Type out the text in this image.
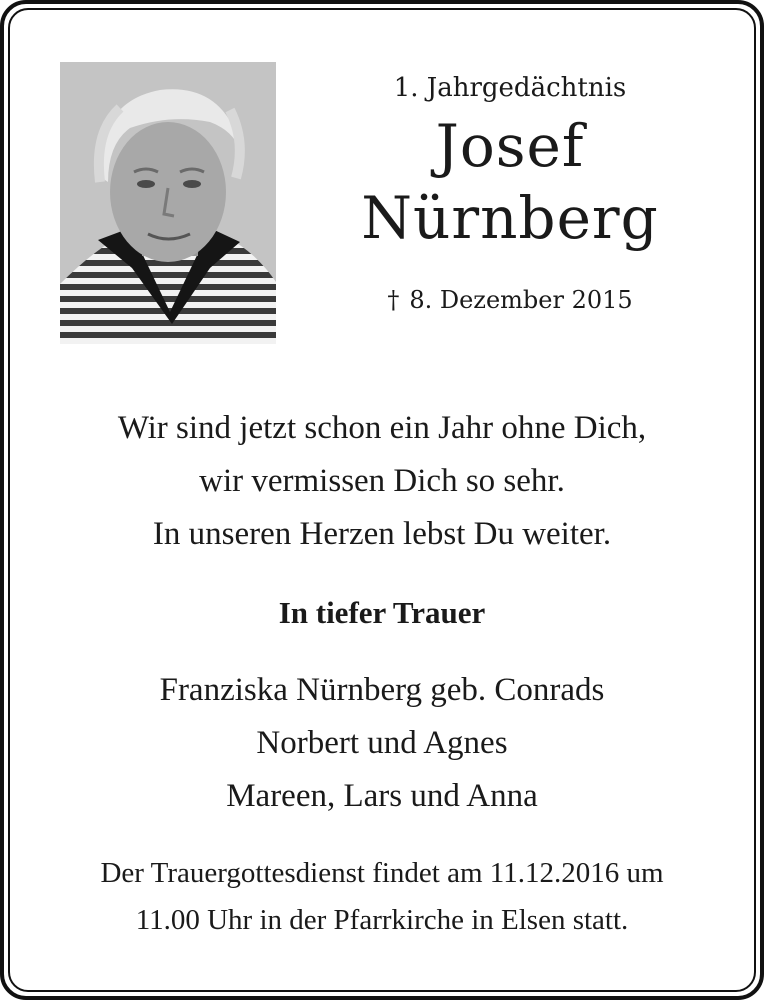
1. Jahrgedächtnis
Josef
Nürnberg
† 8. Dezember 2015
Wir sind jetzt schon ein Jahr ohne Dich,
wir vermissen Dich so sehr.
In unseren Herzen lebst Du weiter.
In tiefer Trauer
Franziska Nürnberg geb. Conrads
Norbert und Agnes
Mareen, Lars und Anna
Der Trauergottesdienst findet am 11.12.2016 um
11.00 Uhr in der Pfarrkirche in Elsen statt.
